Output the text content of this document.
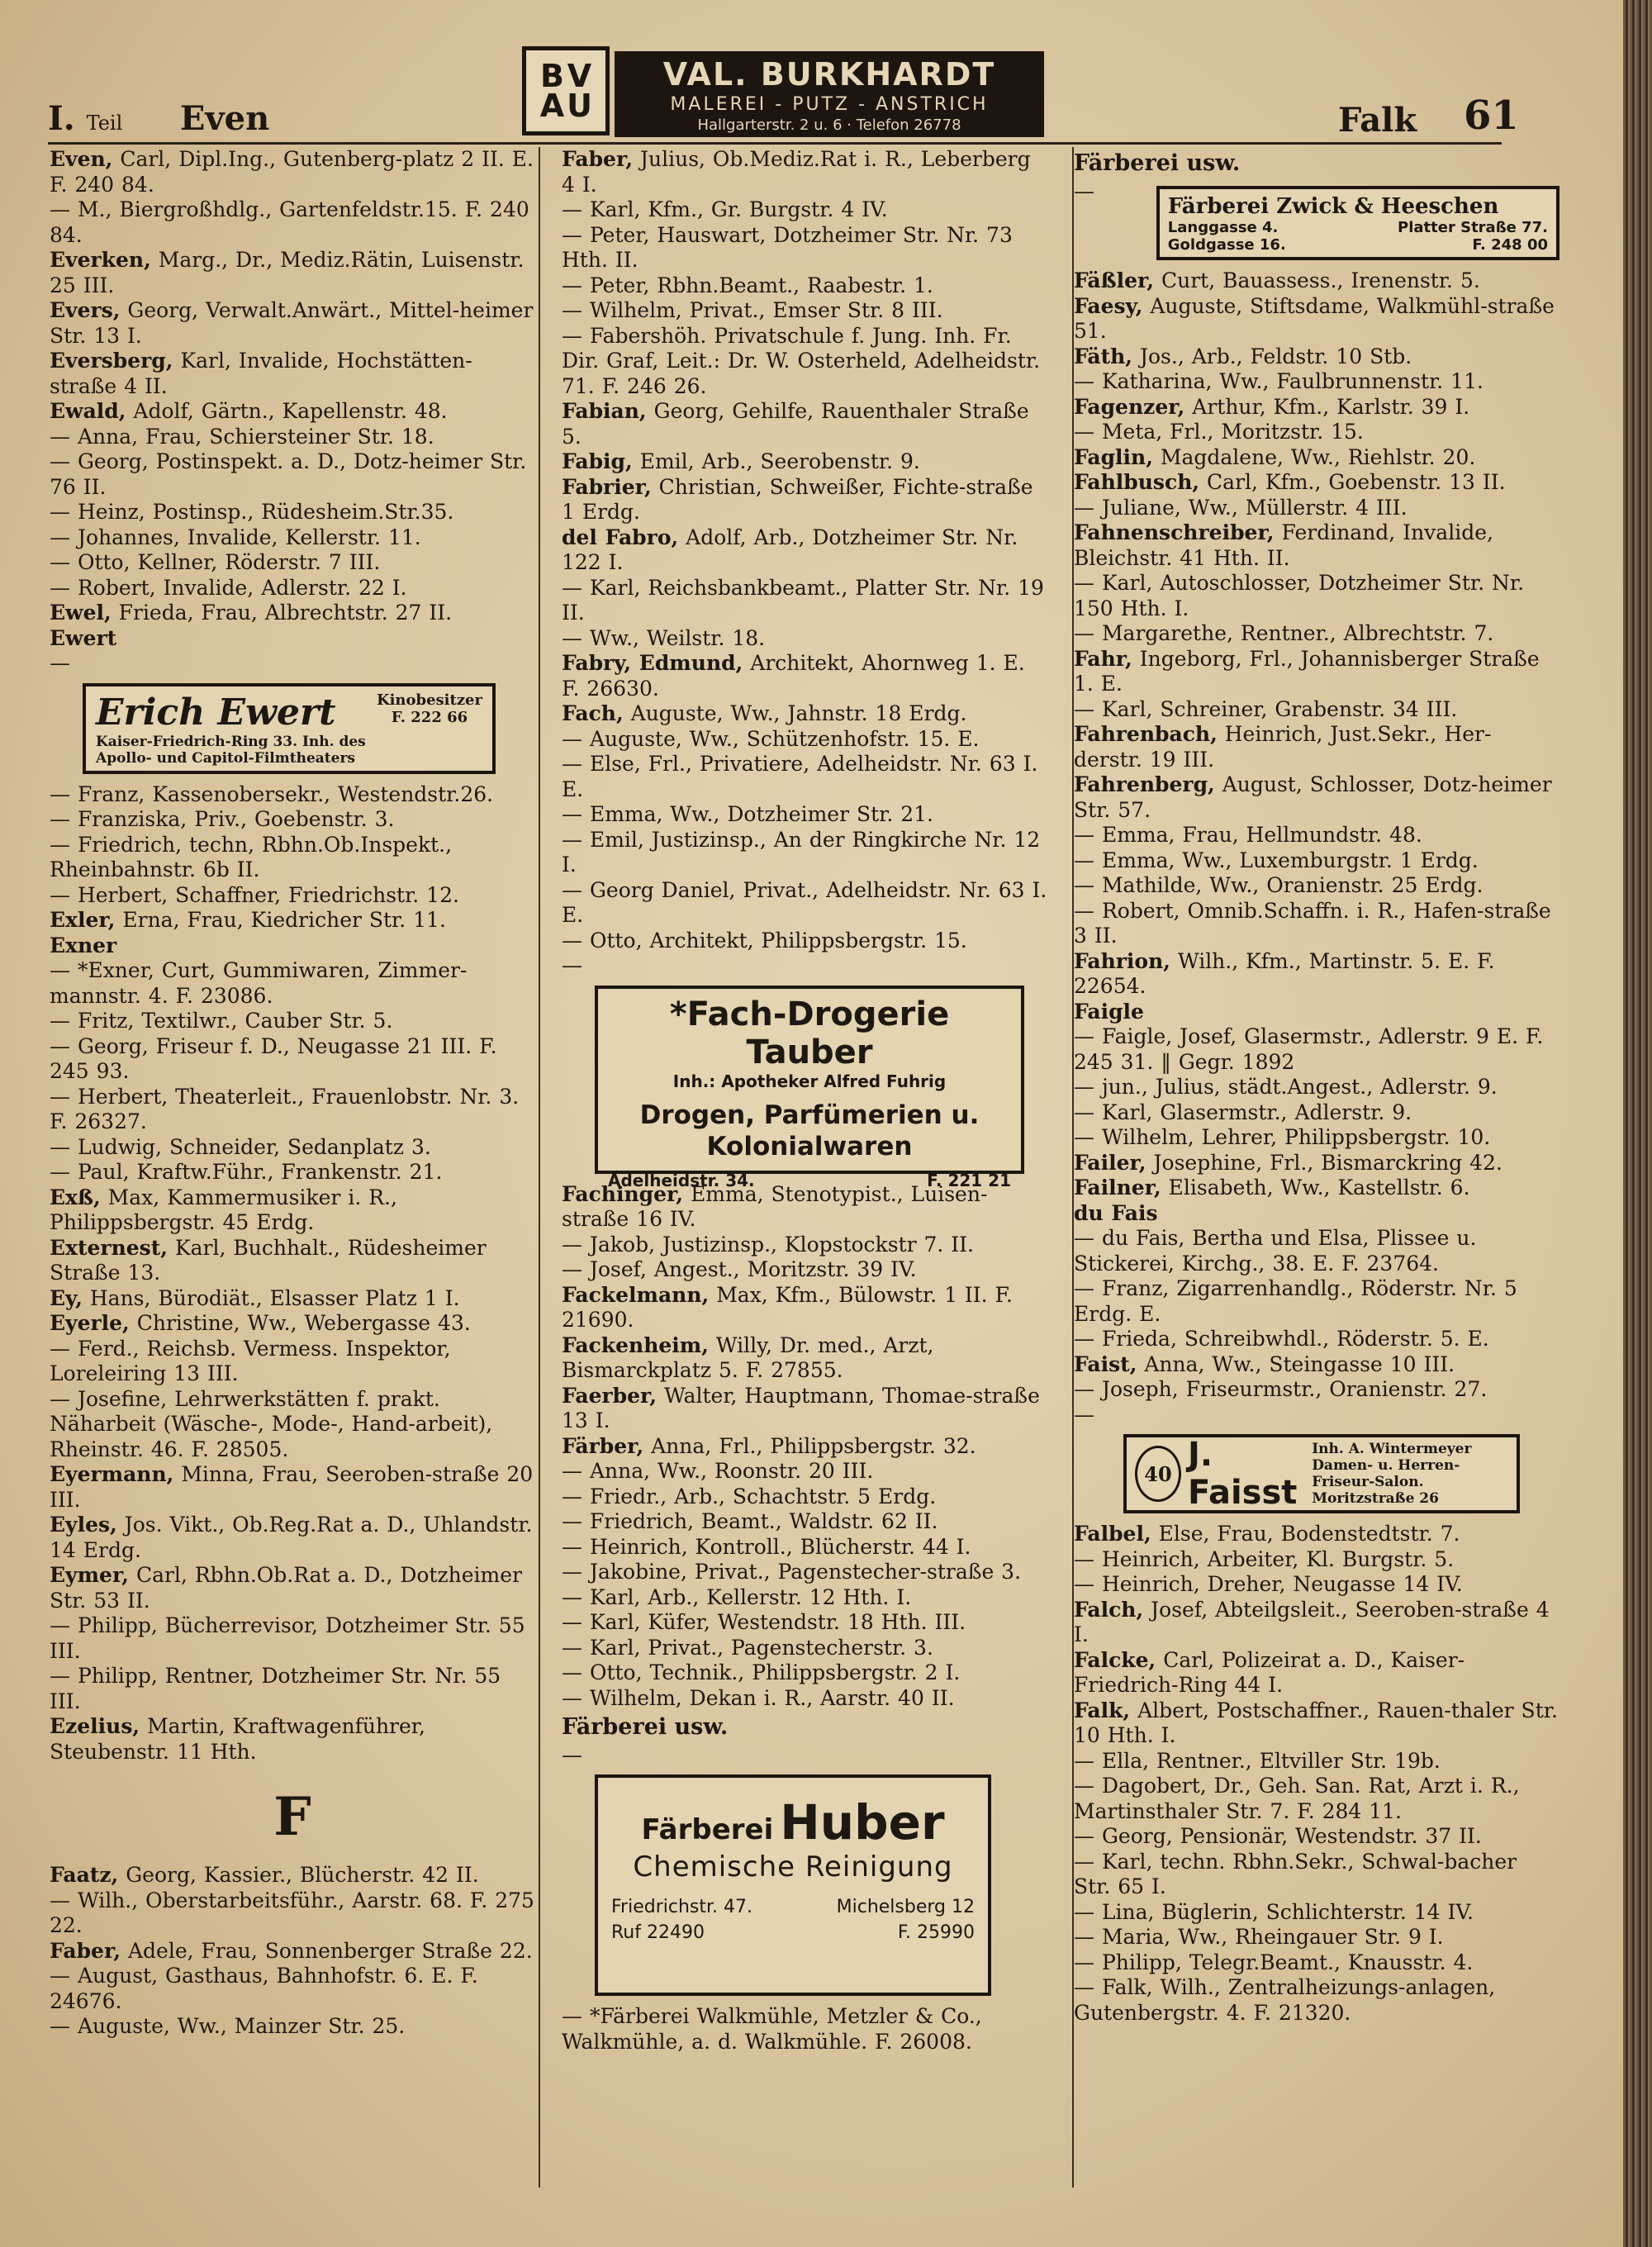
I. Teil Even
B V
A U
VAL. BURKHARDT
MALEREI - PUTZ - ANSTRICH
Hallgarterstr. 2 u. 6 · Telefon 26778	Falk 61
Even, Carl, Dipl.Ing., Gutenberg-platz 2 II. E. F. 240 84.
— M., Biergroßhdlg., Gartenfeldstr.15. F. 240 84.
Everken, Marg., Dr., Mediz.Rätin, Luisenstr. 25 III.
Evers, Georg, Verwalt.Anwärt., Mittel-heimer Str. 13 I.
Eversberg, Karl, Invalide, Hochstätten-straße 4 II.
Ewald, Adolf, Gärtn., Kapellenstr. 48.
— Anna, Frau, Schiersteiner Str. 18.
— Georg, Postinspekt. a. D., Dotz-heimer Str. 76 II.
— Heinz, Postinsp., Rüdesheim.Str.35.
— Johannes, Invalide, Kellerstr. 11.
— Otto, Kellner, Röderstr. 7 III.
— Robert, Invalide, Adlerstr. 22 I.
Ewel, Frieda, Frau, Albrechtstr. 27 II.
Ewert
—
Erich Ewert	Kinobesitzer
F. 222 66
Kaiser-Friedrich-Ring 33. Inh. des
Apollo- und Capitol-Filmtheaters
— Franz, Kassenobersekr., Westendstr.26.
— Franziska, Priv., Goebenstr. 3.
— Friedrich, techn, Rbhn.Ob.Inspekt., Rheinbahnstr. 6b II.
— Herbert, Schaffner, Friedrichstr. 12.
Exler, Erna, Frau, Kiedricher Str. 11.
Exner
— *Exner, Curt, Gummiwaren, Zimmer-mannstr. 4. F. 23086.
— Fritz, Textilwr., Cauber Str. 5.
— Georg, Friseur f. D., Neugasse 21 III. F. 245 93.
— Herbert, Theaterleit., Frauenlobstr. Nr. 3. F. 26327.
— Ludwig, Schneider, Sedanplatz 3.
— Paul, Kraftw.Führ., Frankenstr. 21.
Exß, Max, Kammermusiker i. R., Philippsbergstr. 45 Erdg.
Externest, Karl, Buchhalt., Rüdesheimer Straße 13.
Ey, Hans, Bürodiät., Elsasser Platz 1 I.
Eyerle, Christine, Ww., Webergasse 43.
— Ferd., Reichsb. Vermess. Inspektor, Loreleiring 13 III.
— Josefine, Lehrwerkstätten f. prakt. Näharbeit (Wäsche-, Mode-, Hand-arbeit), Rheinstr. 46. F. 28505.
Eyermann, Minna, Frau, Seeroben-straße 20 III.
Eyles, Jos. Vikt., Ob.Reg.Rat a. D., Uhlandstr. 14 Erdg.
Eymer, Carl, Rbhn.Ob.Rat a. D., Dotzheimer Str. 53 II.
— Philipp, Bücherrevisor, Dotzheimer Str. 55 III.
— Philipp, Rentner, Dotzheimer Str. Nr. 55 III.
Ezelius, Martin, Kraftwagenführer, Steubenstr. 11 Hth.
F
Faatz, Georg, Kassier., Blücherstr. 42 II.
— Wilh., Oberstarbeitsführ., Aarstr. 68. F. 275 22.
Faber, Adele, Frau, Sonnenberger Straße 22.
— August, Gasthaus, Bahnhofstr. 6. E. F. 24676.
— Auguste, Ww., Mainzer Str. 25.
Faber, Julius, Ob.Mediz.Rat i. R., Leberberg 4 I.
— Karl, Kfm., Gr. Burgstr. 4 IV.
— Peter, Hauswart, Dotzheimer Str. Nr. 73 Hth. II.
— Peter, Rbhn.Beamt., Raabestr. 1.
— Wilhelm, Privat., Emser Str. 8 III.
— Fabershöh. Privatschule f. Jung. Inh. Fr. Dir. Graf, Leit.: Dr. W. Osterheld, Adelheidstr. 71. F. 246 26.
Fabian, Georg, Gehilfe, Rauenthaler Straße 5.
Fabig, Emil, Arb., Seerobenstr. 9.
Fabrier, Christian, Schweißer, Fichte-straße 1 Erdg.
del Fabro, Adolf, Arb., Dotzheimer Str. Nr. 122 I.
— Karl, Reichsbankbeamt., Platter Str. Nr. 19 II.
— Ww., Weilstr. 18.
Fabry, Edmund, Architekt, Ahornweg 1. E. F. 26630.
Fach, Auguste, Ww., Jahnstr. 18 Erdg.
— Auguste, Ww., Schützenhofstr. 15. E.
— Else, Frl., Privatiere, Adelheidstr. Nr. 63 I. E.
— Emma, Ww., Dotzheimer Str. 21.
— Emil, Justizinsp., An der Ringkirche Nr. 12 I.
— Georg Daniel, Privat., Adelheidstr. Nr. 63 I. E.
— Otto, Architekt, Philippsbergstr. 15.
—
*Fach-Drogerie Tauber
Inh.: Apotheker Alfred Fuhrig
Drogen, Parfümerien u.
Kolonialwaren
Adelheidstr. 34.	F. 221 21
Fachinger, Emma, Stenotypist., Luisen-straße 16 IV.
— Jakob, Justizinsp., Klopstockstr 7. II.
— Josef, Angest., Moritzstr. 39 IV.
Fackelmann, Max, Kfm., Bülowstr. 1 II. F. 21690.
Fackenheim, Willy, Dr. med., Arzt, Bismarckplatz 5. F. 27855.
Faerber, Walter, Hauptmann, Thomae-straße 13 I.
Färber, Anna, Frl., Philippsbergstr. 32.
— Anna, Ww., Roonstr. 20 III.
— Friedr., Arb., Schachtstr. 5 Erdg.
— Friedrich, Beamt., Waldstr. 62 II.
— Heinrich, Kontroll., Blücherstr. 44 I.
— Jakobine, Privat., Pagenstecher-straße 3.
— Karl, Arb., Kellerstr. 12 Hth. I.
— Karl, Küfer, Westendstr. 18 Hth. III.
— Karl, Privat., Pagenstecherstr. 3.
— Otto, Technik., Philippsbergstr. 2 I.
— Wilhelm, Dekan i. R., Aarstr. 40 II.
Färberei usw.
—
Färberei Huber
Chemische Reinigung
Friedrichstr. 47.	Michelsberg 12
Ruf 22490	F. 25990
— *Färberei Walkmühle, Metzler & Co., Walkmühle, a. d. Walkmühle. F. 26008.
Färberei usw.
—
Färberei Zwick & Heeschen
Langgasse 4.	Platter Straße 77.
Goldgasse 16.	F. 248 00
Fäßler, Curt, Bauassess., Irenenstr. 5.
Faesy, Auguste, Stiftsdame, Walkmühl-straße 51.
Fäth, Jos., Arb., Feldstr. 10 Stb.
— Katharina, Ww., Faulbrunnenstr. 11.
Fagenzer, Arthur, Kfm., Karlstr. 39 I.
— Meta, Frl., Moritzstr. 15.
Faglin, Magdalene, Ww., Riehlstr. 20.
Fahlbusch, Carl, Kfm., Goebenstr. 13 II.
— Juliane, Ww., Müllerstr. 4 III.
Fahnenschreiber, Ferdinand, Invalide, Bleichstr. 41 Hth. II.
— Karl, Autoschlosser, Dotzheimer Str. Nr. 150 Hth. I.
— Margarethe, Rentner., Albrechtstr. 7.
Fahr, Ingeborg, Frl., Johannisberger Straße 1. E.
— Karl, Schreiner, Grabenstr. 34 III.
Fahrenbach, Heinrich, Just.Sekr., Her-derstr. 19 III.
Fahrenberg, August, Schlosser, Dotz-heimer Str. 57.
— Emma, Frau, Hellmundstr. 48.
— Emma, Ww., Luxemburgstr. 1 Erdg.
— Mathilde, Ww., Oranienstr. 25 Erdg.
— Robert, Omnib.Schaffn. i. R., Hafen-straße 3 II.
Fahrion, Wilh., Kfm., Martinstr. 5. E. F. 22654.
Faigle
— Faigle, Josef, Glasermstr., Adlerstr. 9 E. F. 245 31. ‖ Gegr. 1892
— jun., Julius, städt.Angest., Adlerstr. 9.
— Karl, Glasermstr., Adlerstr. 9.
— Wilhelm, Lehrer, Philippsbergstr. 10.
Failer, Josephine, Frl., Bismarckring 42.
Failner, Elisabeth, Ww., Kastellstr. 6.
du Fais
— du Fais, Bertha und Elsa, Plissee u. Stickerei, Kirchg., 38. E. F. 23764.
— Franz, Zigarrenhandlg., Röderstr. Nr. 5 Erdg. E.
— Frieda, Schreibwhdl., Röderstr. 5. E.
Faist, Anna, Ww., Steingasse 10 III.
— Joseph, Friseurmstr., Oranienstr. 27.
—
40 J. Faisst
Inh. A. Wintermeyer
Damen- u. Herren-
Friseur-Salon. Moritzstraße 26
Falbel, Else, Frau, Bodenstedtstr. 7.
— Heinrich, Arbeiter, Kl. Burgstr. 5.
— Heinrich, Dreher, Neugasse 14 IV.
Falch, Josef, Abteilgsleit., Seeroben-straße 4 I.
Falcke, Carl, Polizeirat a. D., Kaiser-Friedrich-Ring 44 I.
Falk, Albert, Postschaffner., Rauen-thaler Str. 10 Hth. I.
— Ella, Rentner., Eltviller Str. 19b.
— Dagobert, Dr., Geh. San. Rat, Arzt i. R., Martinsthaler Str. 7. F. 284 11.
— Georg, Pensionär, Westendstr. 37 II.
— Karl, techn. Rbhn.Sekr., Schwal-bacher Str. 65 I.
— Lina, Büglerin, Schlichterstr. 14 IV.
— Maria, Ww., Rheingauer Str. 9 I.
— Philipp, Telegr.Beamt., Knausstr. 4.
— Falk, Wilh., Zentralheizungs-anlagen, Gutenbergstr. 4. F. 21320.
